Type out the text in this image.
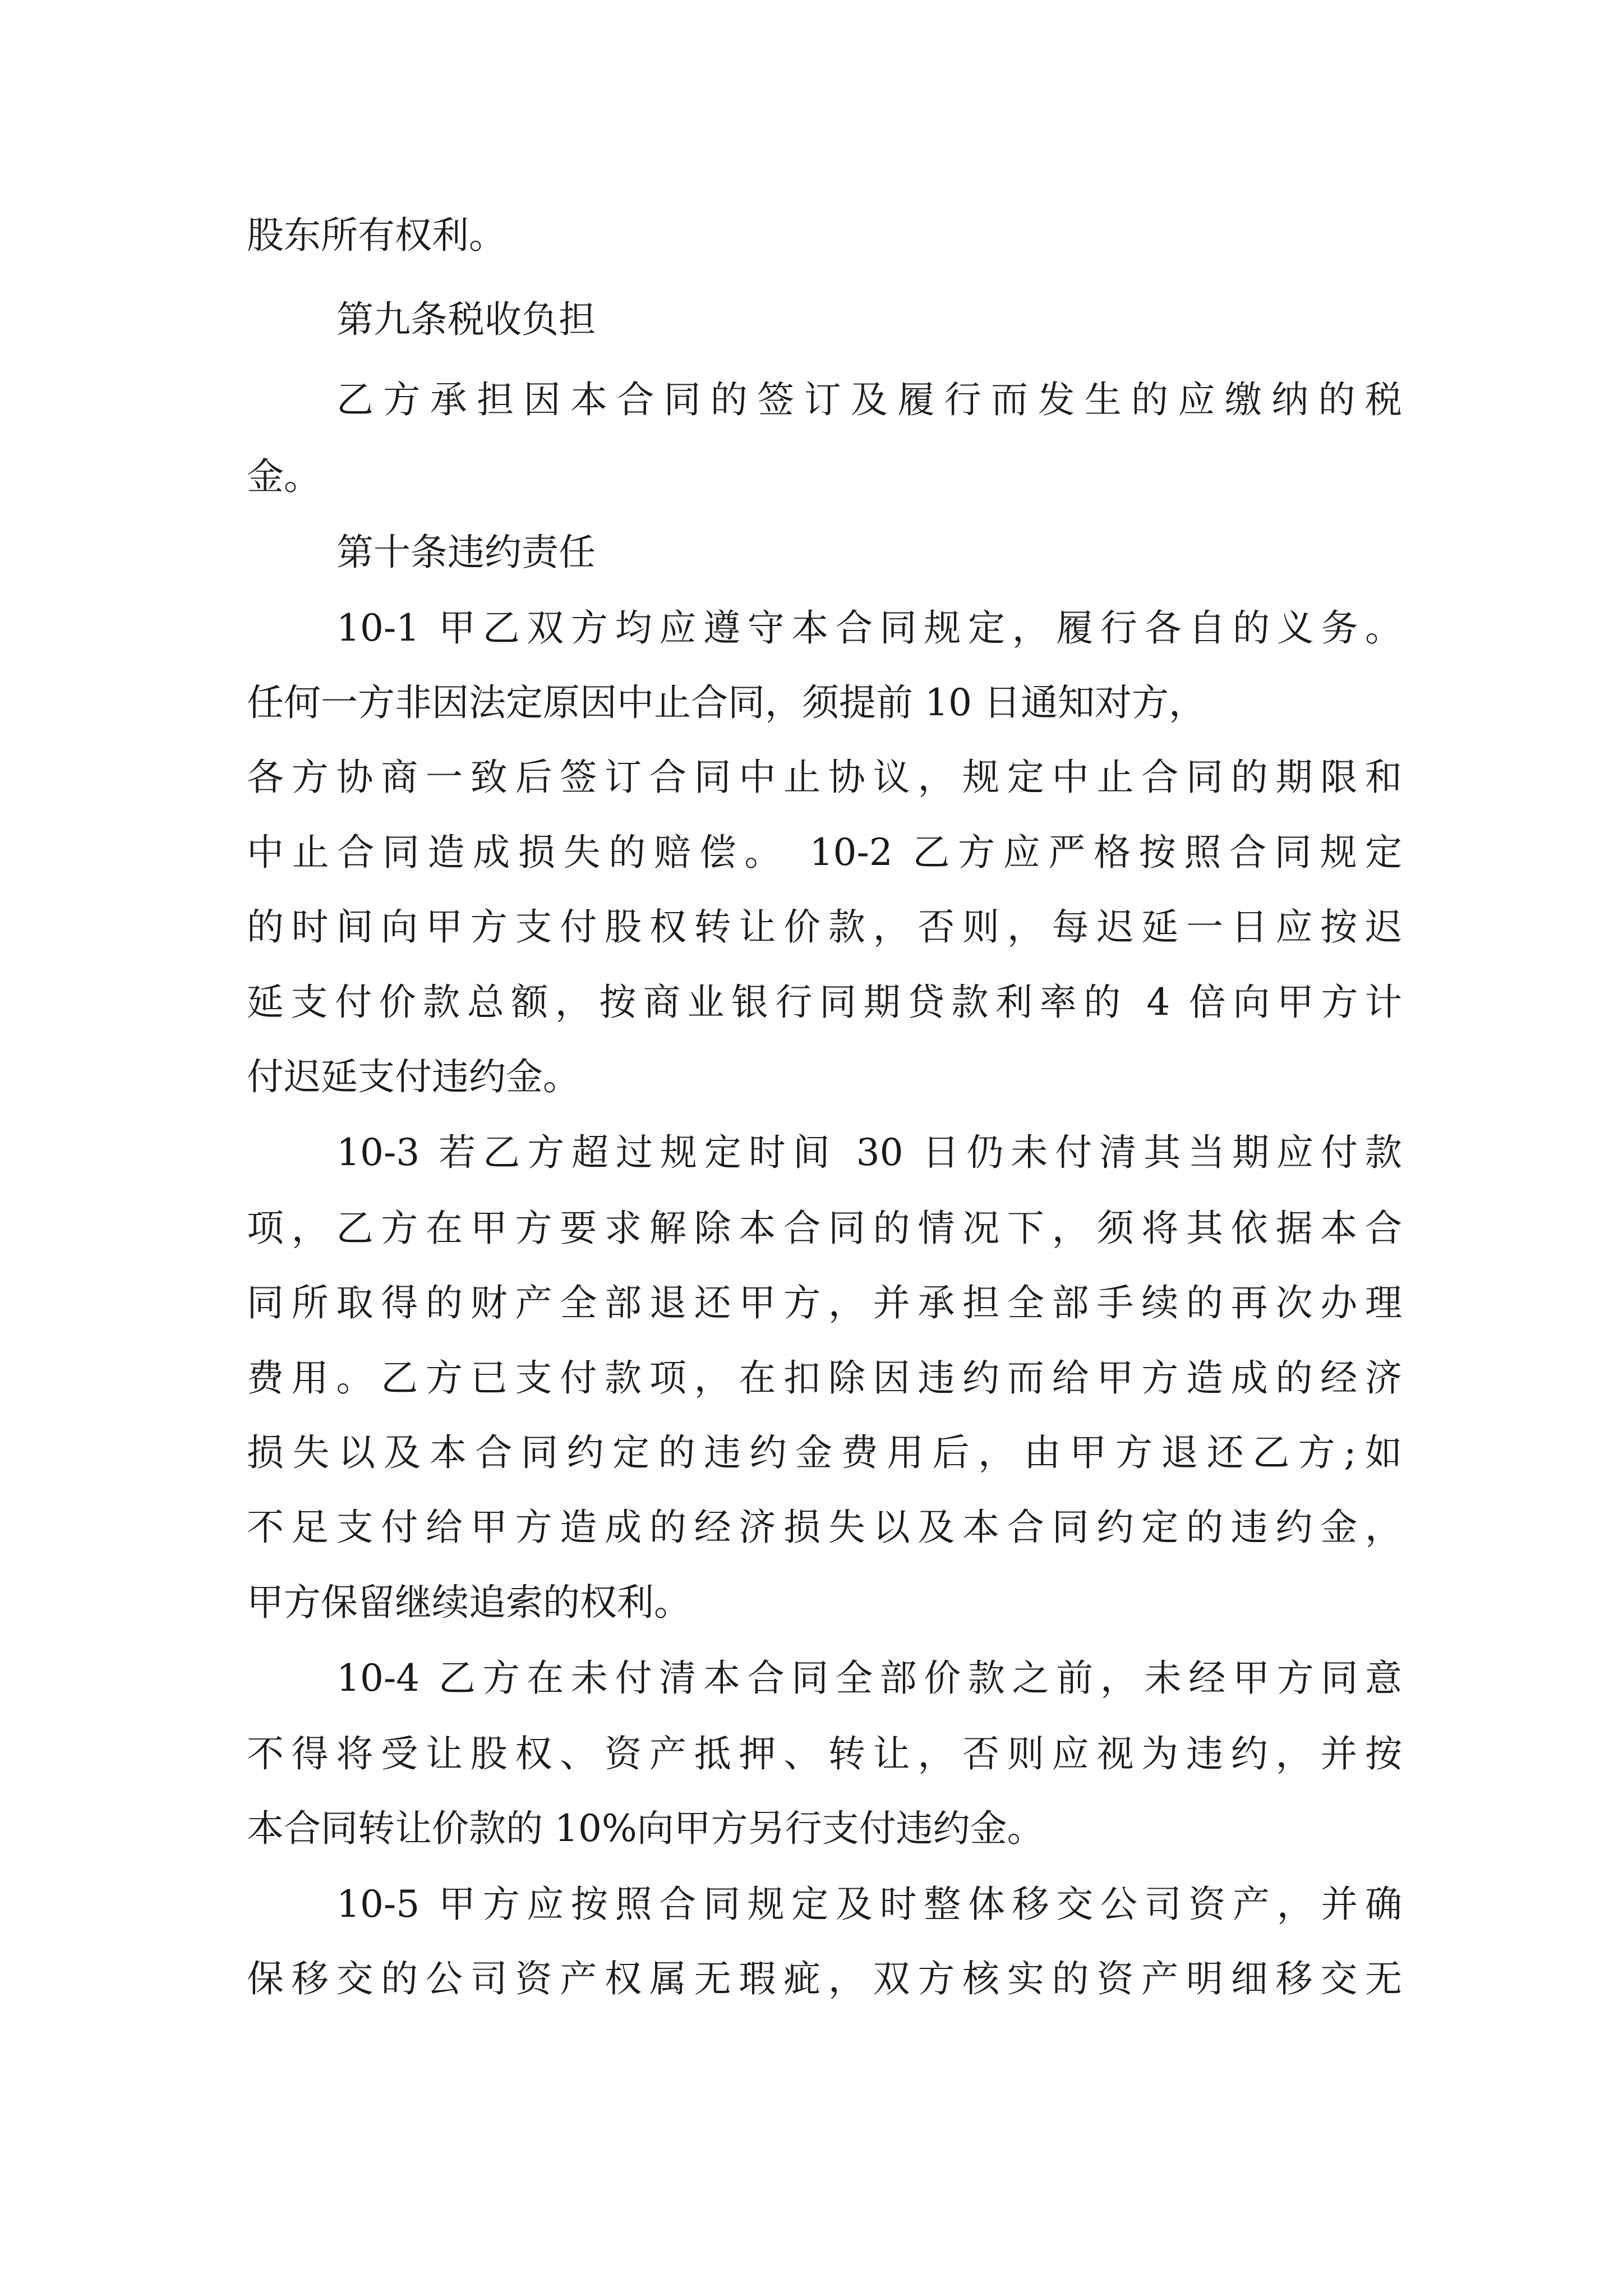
股东所有权利。
第九条税收负担
乙方承担因本合同的签订及履行而发生的应缴纳的税
金。
第十条违约责任
10-1 甲乙双方均应遵守本合同规定，履行各自的义务。
任何一方非因法定原因中止合同，须提前 10 日通知对方，
各方协商一致后签订合同中止协议，规定中止合同的期限和
中止合同造成损失的赔偿。 10-2 乙方应严格按照合同规定
的时间向甲方支付股权转让价款，否则，每迟延一日应按迟
延支付价款总额，按商业银行同期贷款利率的 4 倍向甲方计
付迟延支付违约金。
10-3 若乙方超过规定时间 30 日仍未付清其当期应付款
项，乙方在甲方要求解除本合同的情况下，须将其依据本合
同所取得的财产全部退还甲方，并承担全部手续的再次办理
费用。乙方已支付款项，在扣除因违约而给甲方造成的经济
损失以及本合同约定的违约金费用后，由甲方退还乙方;如
不足支付给甲方造成的经济损失以及本合同约定的违约金，
甲方保留继续追索的权利。
10-4 乙方在未付清本合同全部价款之前，未经甲方同意
不得将受让股权、资产抵押、转让，否则应视为违约，并按
本合同转让价款的 10%向甲方另行支付违约金。
10-5 甲方应按照合同规定及时整体移交公司资产，并确
保移交的公司资产权属无瑕疵，双方核实的资产明细移交无
